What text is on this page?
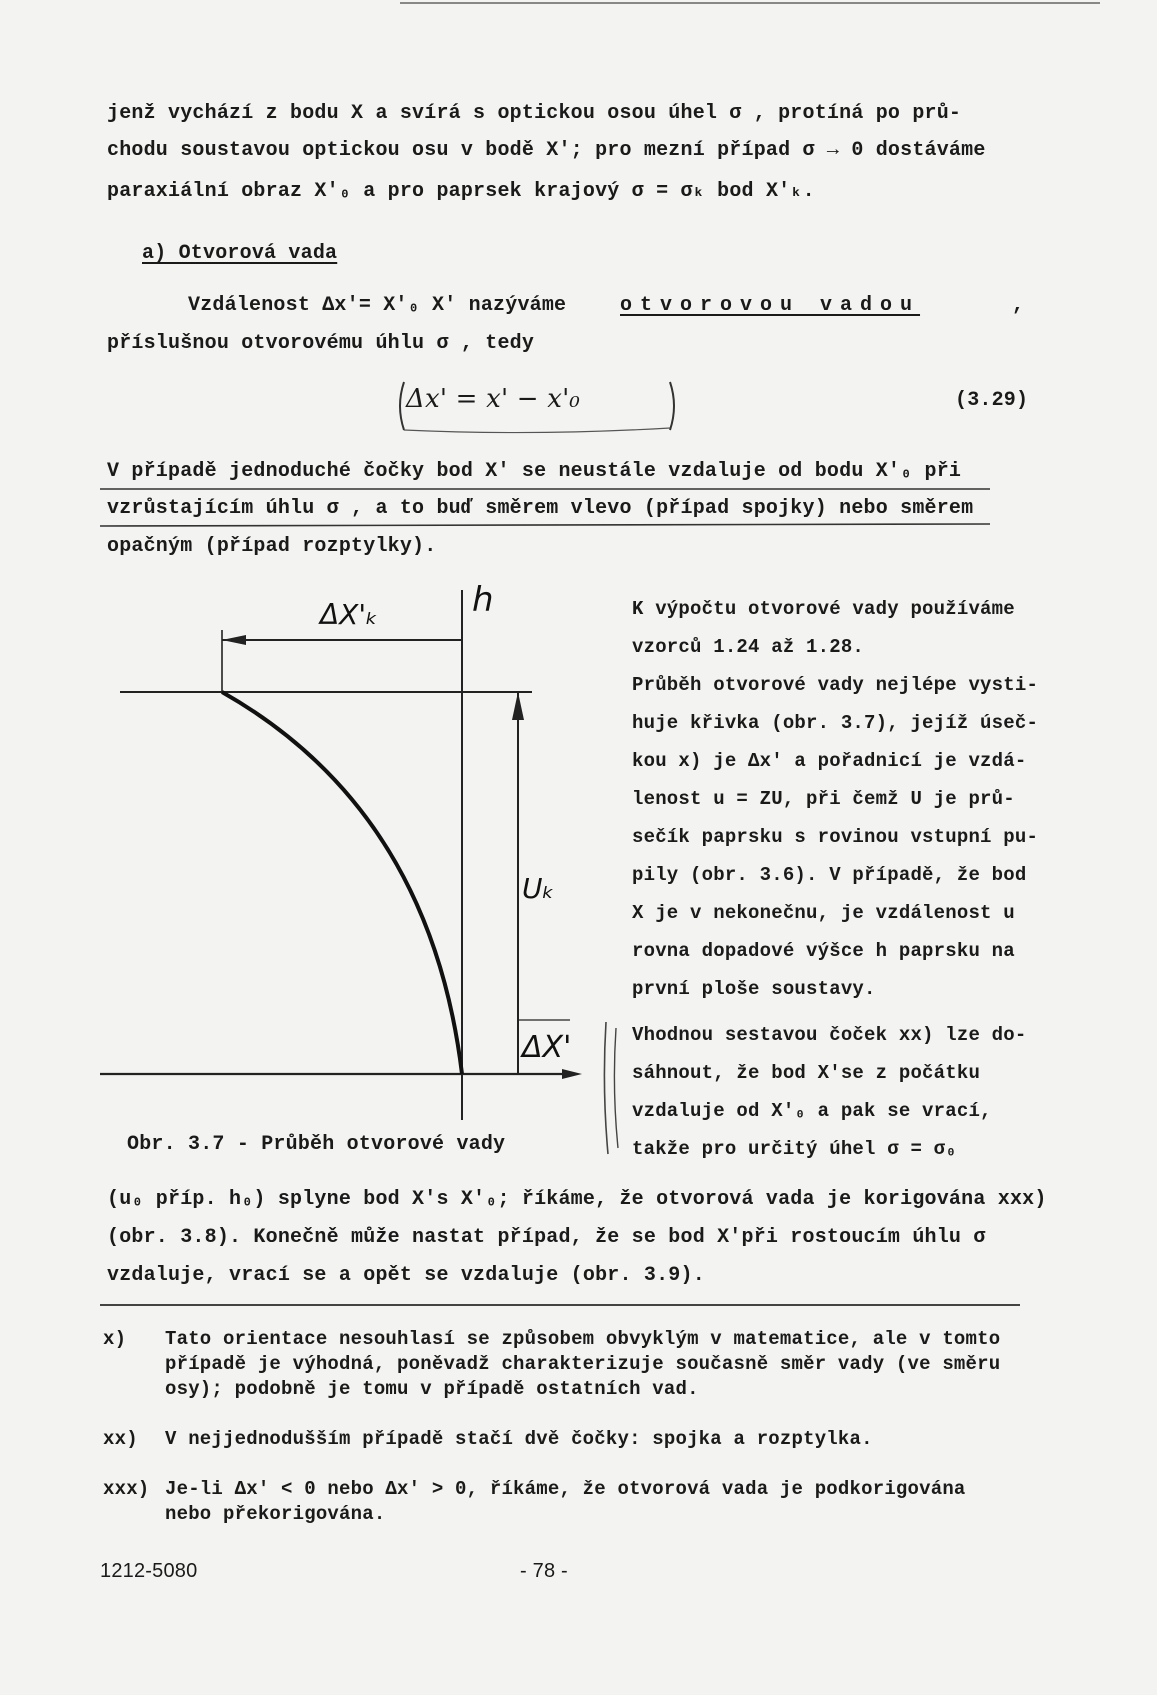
jenž vychází z bodu X a svírá s optickou osou úhel σ , protíná po prů-
chodu soustavou optickou osu v bodě X'; pro mezní případ σ → 0 dostáváme
paraxiální obraz X'₀ a pro paprsek krajový σ = σₖ bod X'ₖ.
a) Otvorová vada
Vzdálenost Δx'= X'₀ X' nazýváme	otvorovou vadou	,
příslušnou otvorovému úhlu σ , tedy
Δx' = x' − x'₀	(3.29)
V případě jednoduché čočky bod X' se neustále vzdaluje od bodu X'₀ při
vzrůstajícím úhlu σ , a to buď směrem vlevo (případ spojky) nebo směrem
opačným (případ rozptylky).
ΔX'ₖ	h
Uₖ
ΔX'
Obr. 3.7 - Průběh otvorové vady
K výpočtu otvorové vady používáme
vzorců 1.24 až 1.28.
Průběh otvorové vady nejlépe vysti-
huje křivka (obr. 3.7), jejíž úseč-
kou x) je Δx' a pořadnicí je vzdá-
lenost u = ZU, při čemž U je prů-
sečík paprsku s rovinou vstupní pu-
pily (obr. 3.6). V případě, že bod
X je v nekonečnu, je vzdálenost u
rovna dopadové výšce h paprsku na
první ploše soustavy.
Vhodnou sestavou čoček xx) lze do-
sáhnout, že bod X'se z počátku
vzdaluje od X'₀ a pak se vrací,
takže pro určitý úhel σ = σ₀
(u₀ příp. h₀) splyne bod X's X'₀; říkáme, že otvorová vada je korigována xxx)
(obr. 3.8). Konečně může nastat případ, že se bod X'při rostoucím úhlu σ
vzdaluje, vrací se a opět se vzdaluje (obr. 3.9).
x) Tato orientace nesouhlasí se způsobem obvyklým v matematice, ale v tomto
případě je výhodná, poněvadž charakterizuje současně směr vady (ve směru
osy); podobně je tomu v případě ostatních vad.
xx) V nejjednodušším případě stačí dvě čočky: spojka a rozptylka.
xxx) Je-li Δx' < 0 nebo Δx' > 0, říkáme, že otvorová vada je podkorigována
nebo překorigována.
1212-5080	- 78 -
